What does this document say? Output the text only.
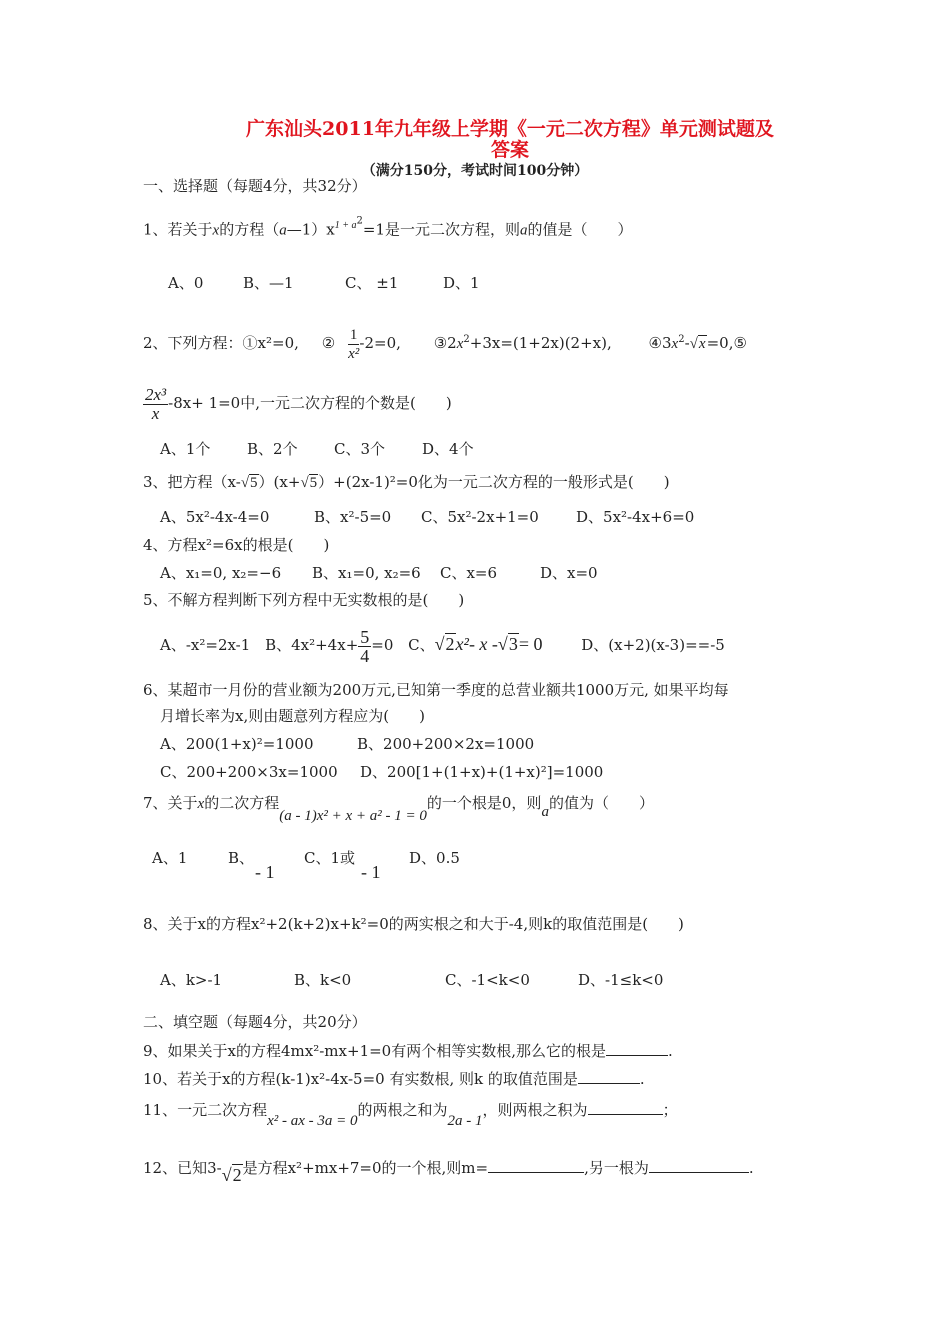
广东汕头2011年九年级上学期《一元二次方程》单元测试题及
答案
（满分150分，考试时间100分钟）
一、选择题（每题4分，共32分）
1、若关于x的方程$(a—1)x^{1 + a^2}=1$是一元二次方程，则a的值是（　　）
A、0	B、—1	C、 ±1	D、1
2、下列方程：①x²=0, ② $\frac{1}{\text{x²}} -2=0$, $③2x^2+3x=(1+2x)(2+x)$, $④3x^2-√x=0,⑤$
$\frac{\text{2x³}}{x} -8x+ 1=0$中,一元二次方程的个数是(　　)
A、1个 B、2个 C、3个 D、4个
3、把方程（x-√5）(x+√5）+(2x-1)²=0化为一元二次方程的一般形式是(　　)
A、5x²-4x-4=0	B、x²-5=0 C、5x²-2x+1=0 D、5x²-4x+6=0
4、方程x²=6x的根是(　　)
A、x₁=0, x₂=−6 B、x₁=0, x₂=6 C、x=6	D、x=0
5、不解方程判断下列方程中无实数根的是(　　)
A、-x²=2x-1 B、$4x^2+4x+ \frac{5}{4} =0$ C、√2x²- x -√3= 0	D、(x+2)(x-3)==-5
6、某超市一月份的营业额为200万元,已知第一季度的总营业额共1000万元, 如果平均每
月增长率为x,则由题意列方程应为(　　)
A、200(1+x)²=1000	B、200+200×2x=1000
C、200+200×3x=1000 D、200[1+(1+x)+(1+x)²]=1000
7、关于x的二次方程(a - 1)x² + x + a² - 1 = 0的一个根是0，则a的值为（　　）
A、1	B、
- 1
C、1或
- 1
D、0.5
8、关于x的方程x²+2(k+2)x+k²=0的两实根之和大于-4,则k的取值范围是(　　)
A、k>-1	B、k<0	C、-1<k<0	D、-1≤k<0
二、填空题（每题4分，共20分）
9、如果关于x的方程4mx²-mx+1=0有两个相等实数根,那么它的根是	.
10、若关于x的方程(k-1)x²-4x-5=0 有实数根, 则k 的取值范围是	.
11、一元二次方程x² - ax - 3a = 0的两根之和为2a - 1，则两根之积为	；
12、已知3-√2是方程x²+mx+7=0的一个根,则m=	,另一根为	.
